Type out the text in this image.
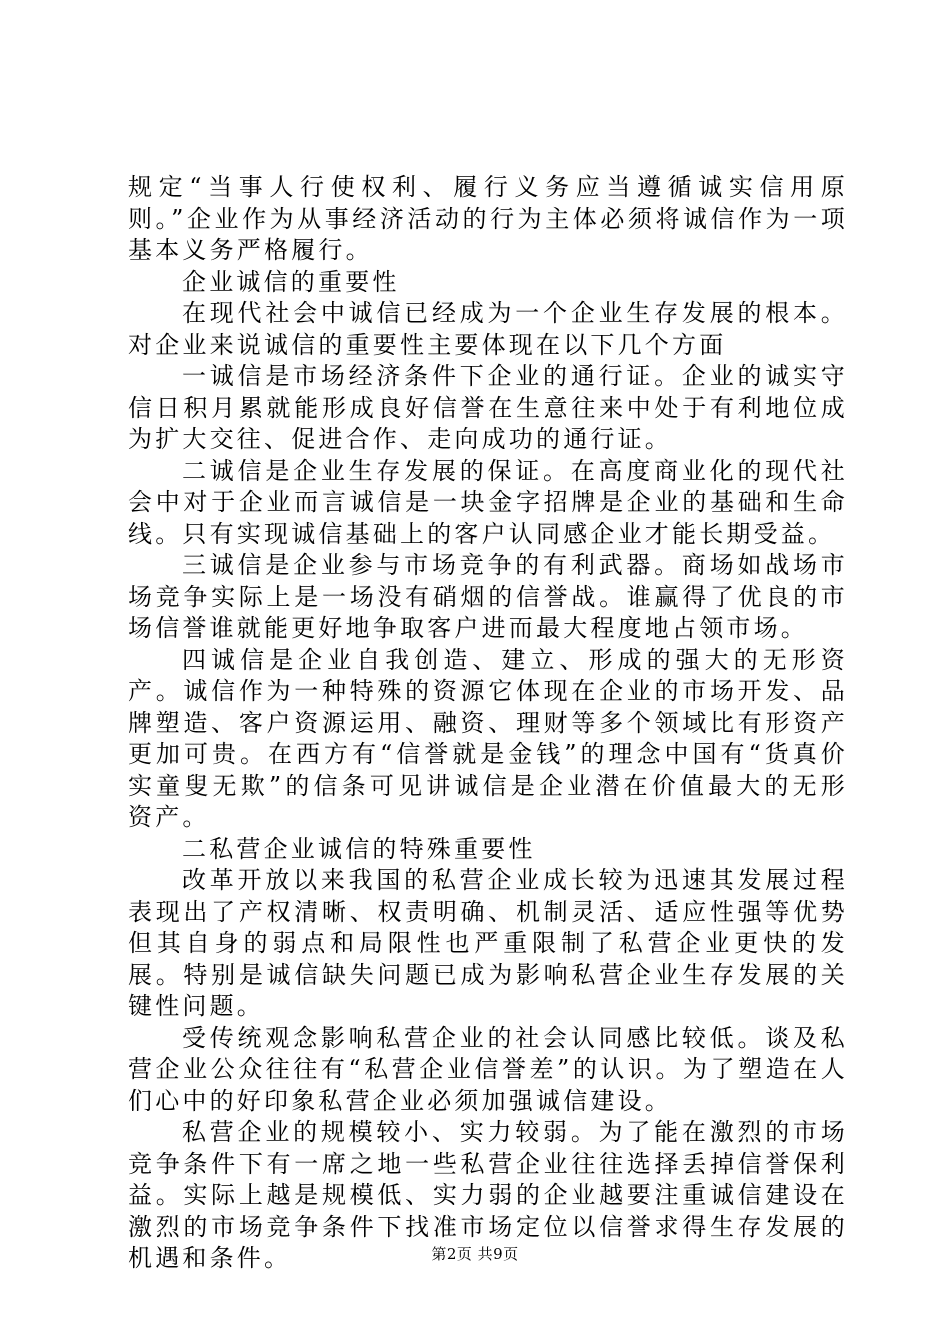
规定“当事人行使权利、履行义务应当遵循诚实信用原则。”企业作为从事经济活动的行为主体必须将诚信作为一项基本义务严格履行。

企业诚信的重要性

在现代社会中诚信已经成为一个企业生存发展的根本。对企业来说诚信的重要性主要体现在以下几个方面

一诚信是市场经济条件下企业的通行证。企业的诚实守信日积月累就能形成良好信誉在生意往来中处于有利地位成为扩大交往、促进合作、走向成功的通行证。

二诚信是企业生存发展的保证。在高度商业化的现代社会中对于企业而言诚信是一块金字招牌是企业的基础和生命线。只有实现诚信基础上的客户认同感企业才能长期受益。

三诚信是企业参与市场竞争的有利武器。商场如战场市场竞争实际上是一场没有硝烟的信誉战。谁赢得了优良的市场信誉谁就能更好地争取客户进而最大程度地占领市场。

四诚信是企业自我创造、建立、形成的强大的无形资产。诚信作为一种特殊的资源它体现在企业的市场开发、品牌塑造、客户资源运用、融资、理财等多个领域比有形资产更加可贵。在西方有“信誉就是金钱”的理念中国有“货真价实童叟无欺”的信条可见讲诚信是企业潜在价值最大的无形资产。

二私营企业诚信的特殊重要性

改革开放以来我国的私营企业成长较为迅速其发展过程表现出了产权清晰、权责明确、机制灵活、适应性强等优势但其自身的弱点和局限性也严重限制了私营企业更快的发展。特别是诚信缺失问题已成为影响私营企业生存发展的关键性问题。

受传统观念影响私营企业的社会认同感比较低。谈及私营企业公众往往有“私营企业信誉差”的认识。为了塑造在人们心中的好印象私营企业必须加强诚信建设。

私营企业的规模较小、实力较弱。为了能在激烈的市场竞争条件下有一席之地一些私营企业往往选择丢掉信誉保利益。实际上越是规模低、实力弱的企业越要注重诚信建设在激烈的市场竞争条件下找准市场定位以信誉求得生存发展的机遇和条件。	第2页 共9页
